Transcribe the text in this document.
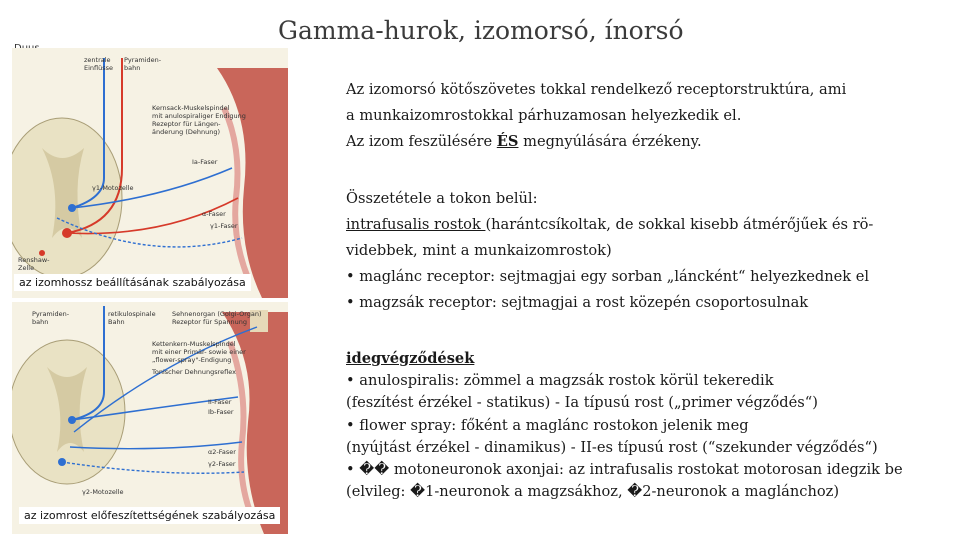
Gamma-hurok, izomorsó, ínorsó
zentrale
Einflüsse
Pyramiden-
bahn
Kernsack-Muskelspindel
mit anulospiraliger Endigung
Rezeptor für Längen-
änderung (Dehnung)
Ia-Faser
γ1-Motozelle
α-Faser
γ1-Faser
Renshaw-
Zelle
az izomhossz beállításának szabályozása
Pyramiden-
bahn
retikulospinale
Bahn
Sehnenorgan (Golgi-Organ)
Rezeptor für Spannung
Kettenkern-Muskelspindel
mit einer Primär- sowie einer
„flower-spray"-Endigung
Tonischer Dehnungsreflex
II-Faser
Ib-Faser
α2-Faser
γ2-Faser
γ2-Motozelle
az izomrost előfeszítettségének szabályozása
Az izomorsó kötőszövetes tokkal rendelkező receptorstruktúra, ami
a munkaizomrostokkal párhuzamosan helyezkedik el.
Az izom feszülésére ÉS megnyúlására érzékeny.
Összetétele a tokon belül:
intrafusalis rostok (harántcsíkoltak, de sokkal kisebb átmérőjűek és rö-
videbbek, mint a munkaizomrostok)
• maglánc receptor: sejtmagjai egy sorban „láncként“ helyezkednek el
• magzsák receptor: sejtmagjai a rost közepén csoportosulnak
idegvégződések
• anulospiralis: zömmel a magzsák rostok körül tekeredik
(feszítést érzékel - statikus) - Ia típusú rost („primer végződés“)
• flower spray: főként a maglánc rostokon jelenik meg
(nyújtást érzékel - dinamikus) - II-es típusú rost (“szekunder végződés“)
• �� motoneuronok axonjai: az intrafusalis rostokat motorosan idegzik be
(elvileg: �1-neuronok a magzsákhoz, �2-neuronok a maglánchoz)
